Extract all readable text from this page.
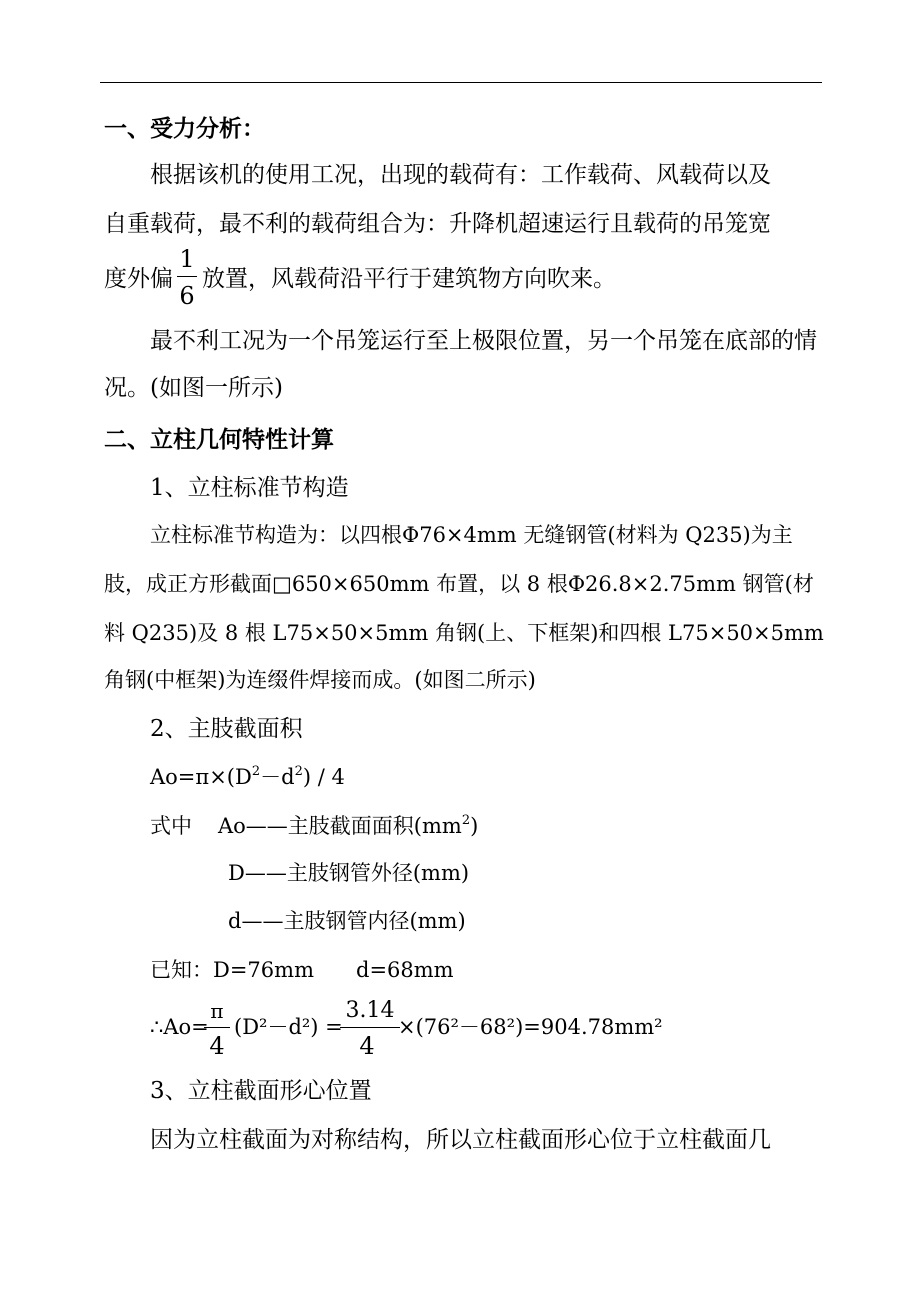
一、受力分析：
根据该机的使用工况，出现的载荷有：工作载荷、风载荷以及
自重载荷，最不利的载荷组合为：升降机超速运行且载荷的吊笼宽
度外偏
1
6
放置，风载荷沿平行于建筑物方向吹来。
最不利工况为一个吊笼运行至上极限位置，另一个吊笼在底部的情
况。(如图一所示)
二、立柱几何特性计算
1、立柱标准节构造
立柱标准节构造为：以四根Φ76×4mm 无缝钢管(材料为 Q235)为主
肢，成正方形截面□650×650mm 布置，以 8 根Φ26.8×2.75mm 钢管(材
料 Q235)及 8 根 L75×50×5mm 角钢(上、下框架)和四根 L75×50×5mm
角钢(中框架)为连缀件焊接而成。(如图二所示)
2、主肢截面积
$Ao=\pi\times(D^2-d^2) / 4$
式中 Ao——主肢截面面积$(mm^2)$
D——主肢钢管外径(mm)
d——主肢钢管内径(mm)
已知：D=76mm d=68mm
∴Ao=
π
4
(D²－d²) =
3.14
4
×(76²－68²)=904.78mm²
3、立柱截面形心位置
因为立柱截面为对称结构，所以立柱截面形心位于立柱截面几
